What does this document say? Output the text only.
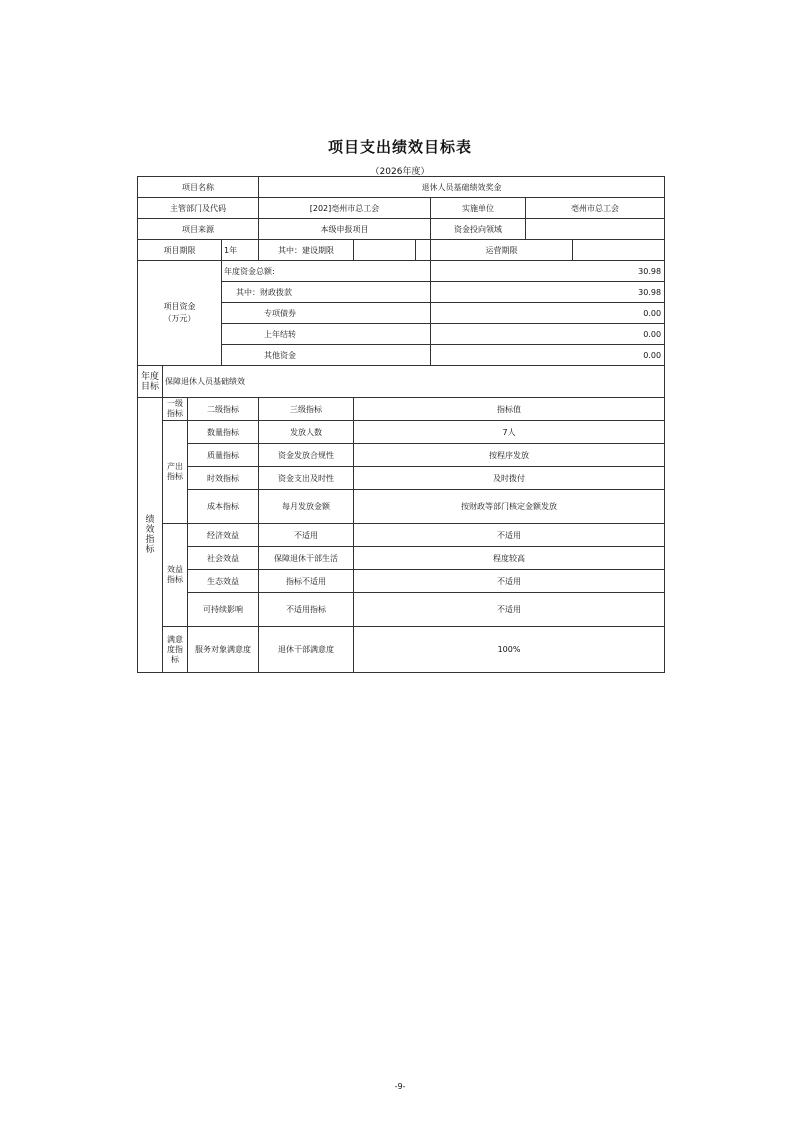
项目支出绩效目标表
（2026年度）
项目名称				退休人员基础绩效奖金					
主管部门及代码				[202]亳州市总工会			实施单位	亳州市总工会	
项目来源				本级申报项目			资金投向领域		
项目期限			1年	其中：建设期限			运营期限		
项目资金（万元）			年度资金总额:				30.98		
			其中：财政拨款				30.98		
			专项债券				0.00		
			上年结转				0.00		
			其他资金				0.00		
年度目标	保障退休人员基础绩效								
绩效指标	一级指标	二级指标		三级指标	指标值				
	产出指标	数量指标		发放人数	7人				
		质量指标		资金发放合规性	按程序发放				
		时效指标		资金支出及时性	及时拨付				
		成本指标		每月发放金额	按财政等部门核定金额发放				
	效益指标	经济效益		不适用	不适用				
		社会效益		保障退休干部生活	程度较高				
		生态效益		指标不适用	不适用				
		可持续影响		不适用指标	不适用				
	满意度指标	服务对象满意度		退休干部满意度	100%				
-9-
